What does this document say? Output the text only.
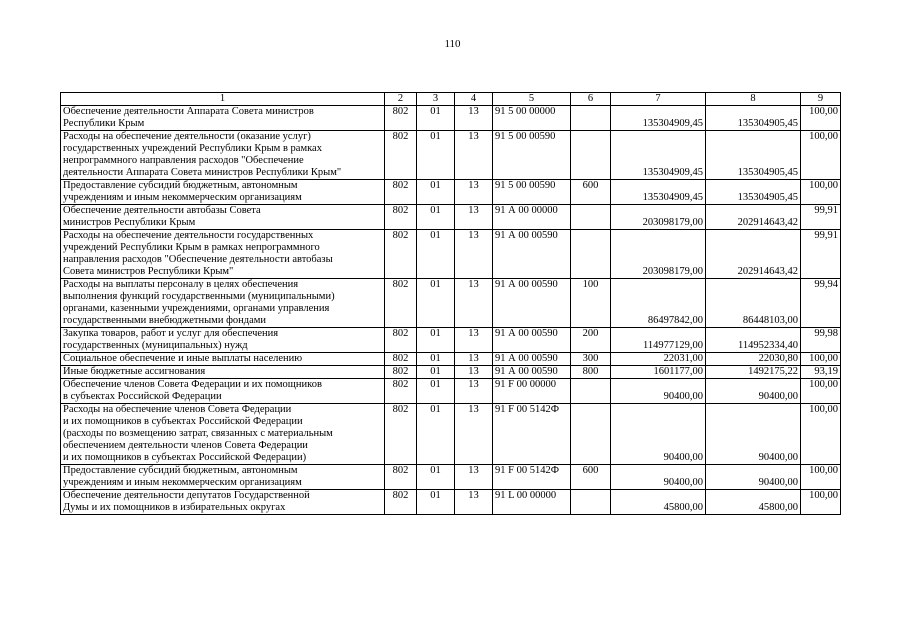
110
1	2	3	4	5	6	7	8	9
Обеспечение деятельности Аппарата Совета министров
Республики Крым	802	01	13	91 5 00 00000		135304909,45	135304905,45	100,00
Расходы на обеспечение деятельности (оказание услуг)
государственных учреждений Республики Крым в рамках
непрограммного направления расходов "Обеспечение
деятельности Аппарата Совета министров Республики Крым"	802	01	13	91 5 00 00590		135304909,45	135304905,45	100,00
Предоставление субсидий бюджетным, автономным
учреждениям и иным некоммерческим организациям	802	01	13	91 5 00 00590	600	135304909,45	135304905,45	100,00
Обеспечение деятельности автобазы Совета
министров Республики Крым	802	01	13	91 А 00 00000		203098179,00	202914643,42	99,91
Расходы на обеспечение деятельности государственных
учреждений Республики Крым в рамках непрограммного
направления расходов "Обеспечение деятельности автобазы
Совета министров Республики Крым"	802	01	13	91 А 00 00590		203098179,00	202914643,42	99,91
Расходы на выплаты персоналу в целях обеспечения
выполнения функций государственными (муниципальными)
органами, казенными учреждениями, органами управления
государственными внебюджетными фондами	802	01	13	91 А 00 00590	100	86497842,00	86448103,00	99,94
Закупка товаров, работ и услуг для обеспечения
государственных (муниципальных) нужд	802	01	13	91 А 00 00590	200	114977129,00	114952334,40	99,98
Социальное обеспечение и иные выплаты населению	802	01	13	91 А 00 00590	300	22031,00	22030,80	100,00
Иные бюджетные ассигнования	802	01	13	91 А 00 00590	800	1601177,00	1492175,22	93,19
Обеспечение членов Совета Федерации и их помощников
в субъектах Российской Федерации	802	01	13	91 F 00 00000		90400,00	90400,00	100,00
Расходы на обеспечение членов Совета Федерации
и их помощников в субъектах Российской Федерации
(расходы по возмещению затрат, связанных с материальным
обеспечением деятельности членов Совета Федерации
и их помощников в субъектах Российской Федерации)	802	01	13	91 F 00 5142Ф		90400,00	90400,00	100,00
Предоставление субсидий бюджетным, автономным
учреждениям и иным некоммерческим организациям	802	01	13	91 F 00 5142Ф	600	90400,00	90400,00	100,00
Обеспечение деятельности депутатов Государственной
Думы и их помощников в избирательных округах	802	01	13	91 L 00 00000		45800,00	45800,00	100,00
